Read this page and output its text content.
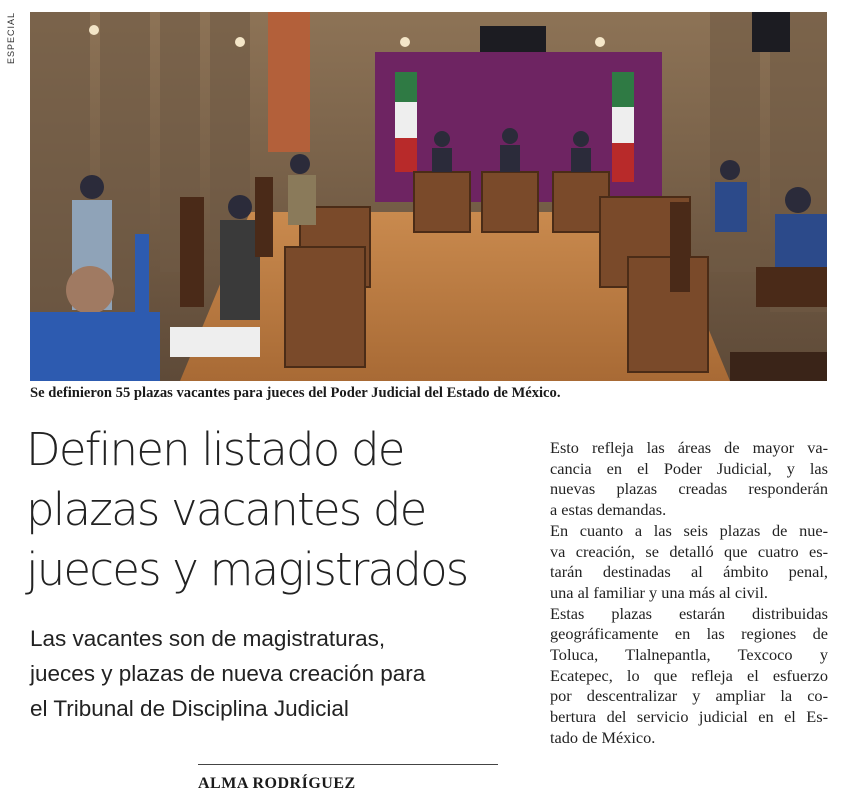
ESPECIAL
Se definieron 55 plazas vacantes para jueces del Poder Judicial del Estado de México.
Definen listado de
plazas vacantes de
jueces y magistrados

Las vacantes son de magistraturas,
jueces y plazas de nueva creación para
el Tribunal de Disciplina Judicial

ALMA RODRÍGUEZ

Esto refleja las áreas de mayor va-
cancia en el Poder Judicial, y las
nuevas plazas creadas responderán
a estas demandas.

En cuanto a las seis plazas de nue-
va creación, se detalló que cuatro es-
tarán destinadas al ámbito penal,
una al familiar y una más al civil.

Estas plazas estarán distribuidas
geográficamente en las regiones de
Toluca, Tlalnepantla, Texcoco y
Ecatepec, lo que refleja el esfuerzo
por descentralizar y ampliar la co-
bertura del servicio judicial en el Es-
tado de México.
